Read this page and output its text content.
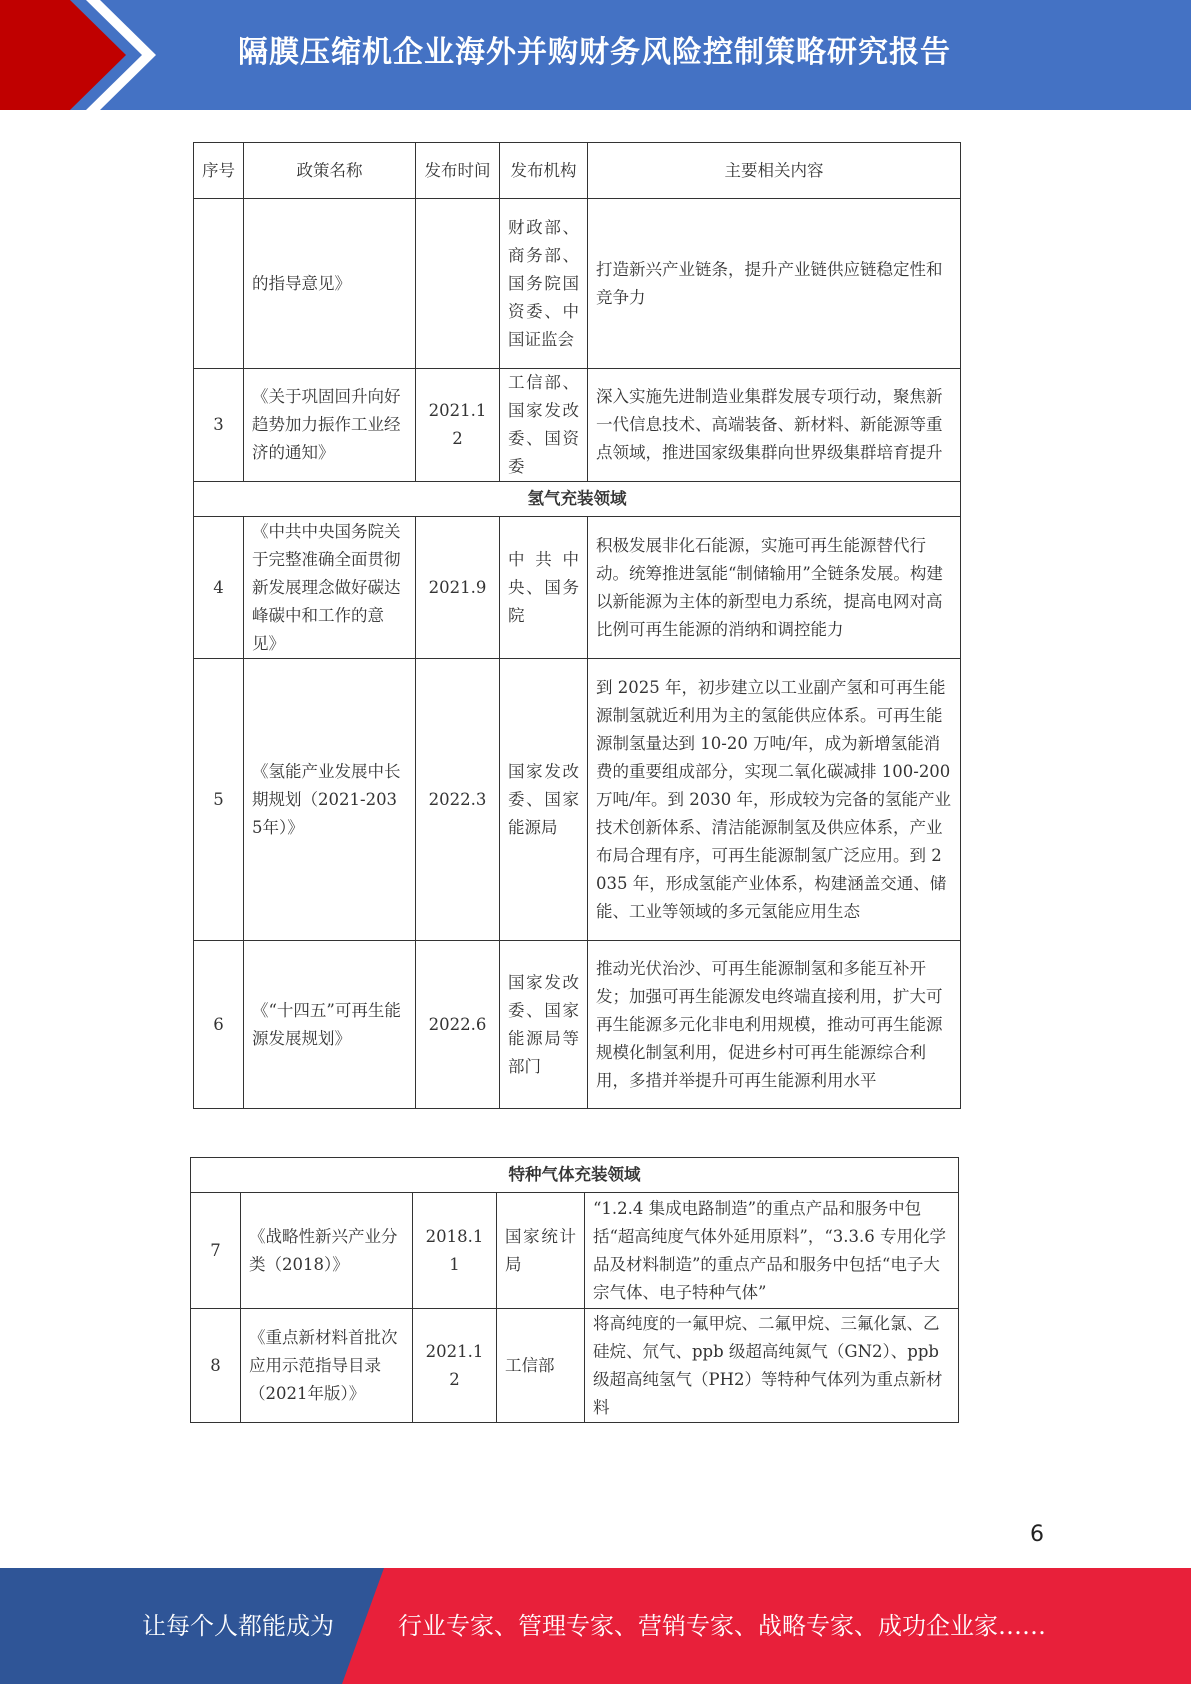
隔膜压缩机企业海外并购财务风险控制策略研究报告
序号	政策名称	发布时间	发布机构	主要相关内容
	的指导意见》		财政部、商务部、国务院国资委、中国证监会	打造新兴产业链条，提升产业链供应链稳定性和竞争力
3	《关于巩固回升向好趋势加力振作工业经济的通知》	2021.12	工信部、国家发改委、国资委	深入实施先进制造业集群发展专项行动，聚焦新一代信息技术、高端装备、新材料、新能源等重点领域，推进国家级集群向世界级集群培育提升
氢气充装领域				
4	《中共中央国务院关于完整准确全面贯彻新发展理念做好碳达峰碳中和工作的意见》	2021.9	中共中央、国务院	积极发展非化石能源，实施可再生能源替代行动。统筹推进氢能“制储输用”全链条发展。构建以新能源为主体的新型电力系统，提高电网对高比例可再生能源的消纳和调控能力
5	《氢能产业发展中长期规划（2021-2035年）》	2022.3	国家发改委、国家能源局	到 2025 年，初步建立以工业副产氢和可再生能源制氢就近利用为主的氢能供应体系。可再生能源制氢量达到 10-20 万吨/年，成为新增氢能消费的重要组成部分，实现二氧化碳减排 100-200 万吨/年。到 2030 年，形成较为完备的氢能产业技术创新体系、清洁能源制氢及供应体系，产业布局合理有序，可再生能源制氢广泛应用。到 2035 年，形成氢能产业体系，构建涵盖交通、储能、工业等领域的多元氢能应用生态
6	《“十四五”可再生能源发展规划》	2022.6	国家发改委、国家能源局等部门	推动光伏治沙、可再生能源制氢和多能互补开发；加强可再生能源发电终端直接利用，扩大可再生能源多元化非电利用规模，推动可再生能源规模化制氢利用，促进乡村可再生能源综合利用，多措并举提升可再生能源利用水平
特种气体充装领域				
7	《战略性新兴产业分类（2018）》	2018.11	国家统计局	“1.2.4 集成电路制造”的重点产品和服务中包括“超高纯度气体外延用原料”，“3.3.6 专用化学品及材料制造”的重点产品和服务中包括“电子大宗气体、电子特种气体”
8	《重点新材料首批次应用示范指导目录（2021年版）》	2021.12	工信部	将高纯度的一氟甲烷、二氟甲烷、三氟化氯、乙硅烷、氘气、ppb 级超高纯氮气（GN2）、ppb 级超高纯氢气（PH2）等特种气体列为重点新材料
6
让每个人都能成为	行业专家、管理专家、营销专家、战略专家、成功企业家……
